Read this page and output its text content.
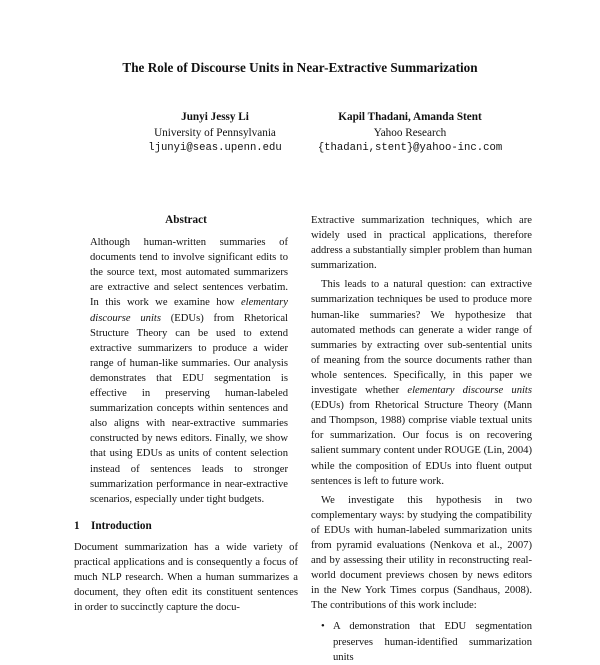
The Role of Discourse Units in Near-Extractive Summarization
Junyi Jessy Li
University of Pennsylvania
ljunyi@seas.upenn.edu
Kapil Thadani, Amanda Stent
Yahoo Research
{thadani,stent}@yahoo-inc.com
Abstract
Although human-written summaries of documents tend to involve significant edits to the source text, most automated summarizers are extractive and select sentences verbatim. In this work we examine how elementary discourse units (EDUs) from Rhetorical Structure Theory can be used to extend extractive summarizers to produce a wider range of human-like summaries. Our analysis demonstrates that EDU segmentation is effective in preserving human-labeled summarization concepts within sentences and also aligns with near-extractive summaries constructed by news editors. Finally, we show that using EDUs as units of content selection instead of sentences leads to stronger summarization performance in near-extractive scenarios, especially under tight budgets.
1 Introduction

Document summarization has a wide variety of practical applications and is consequently a focus of much NLP research. When a human summarizes a document, they often edit its constituent sentences in order to succinctly capture the docu-

Extractive summarization techniques, which are widely used in practical applications, therefore address a substantially simpler problem than human summarization.

This leads to a natural question: can extractive summarization techniques be used to produce more human-like summaries? We hypothesize that automated methods can generate a wider range of summaries by extracting over sub-sentential units of meaning from the source documents rather than whole sentences. Specifically, in this paper we investigate whether elementary discourse units (EDUs) from Rhetorical Structure Theory (Mann and Thompson, 1988) comprise viable textual units for summarization. Our focus is on recovering salient summary content under ROUGE (Lin, 2004) while the composition of EDUs into fluent output sentences is left to future work.

We investigate this hypothesis in two complementary ways: by studying the compatibility of EDUs with human-labeled summarization units from pyramid evaluations (Nenkova et al., 2007) and by assessing their utility in reconstructing real-world document previews chosen by news editors in the New York Times corpus (Sandhaus, 2008). The contributions of this work include:

• A demonstration that EDU segmentation preserves human-identified summarization units
